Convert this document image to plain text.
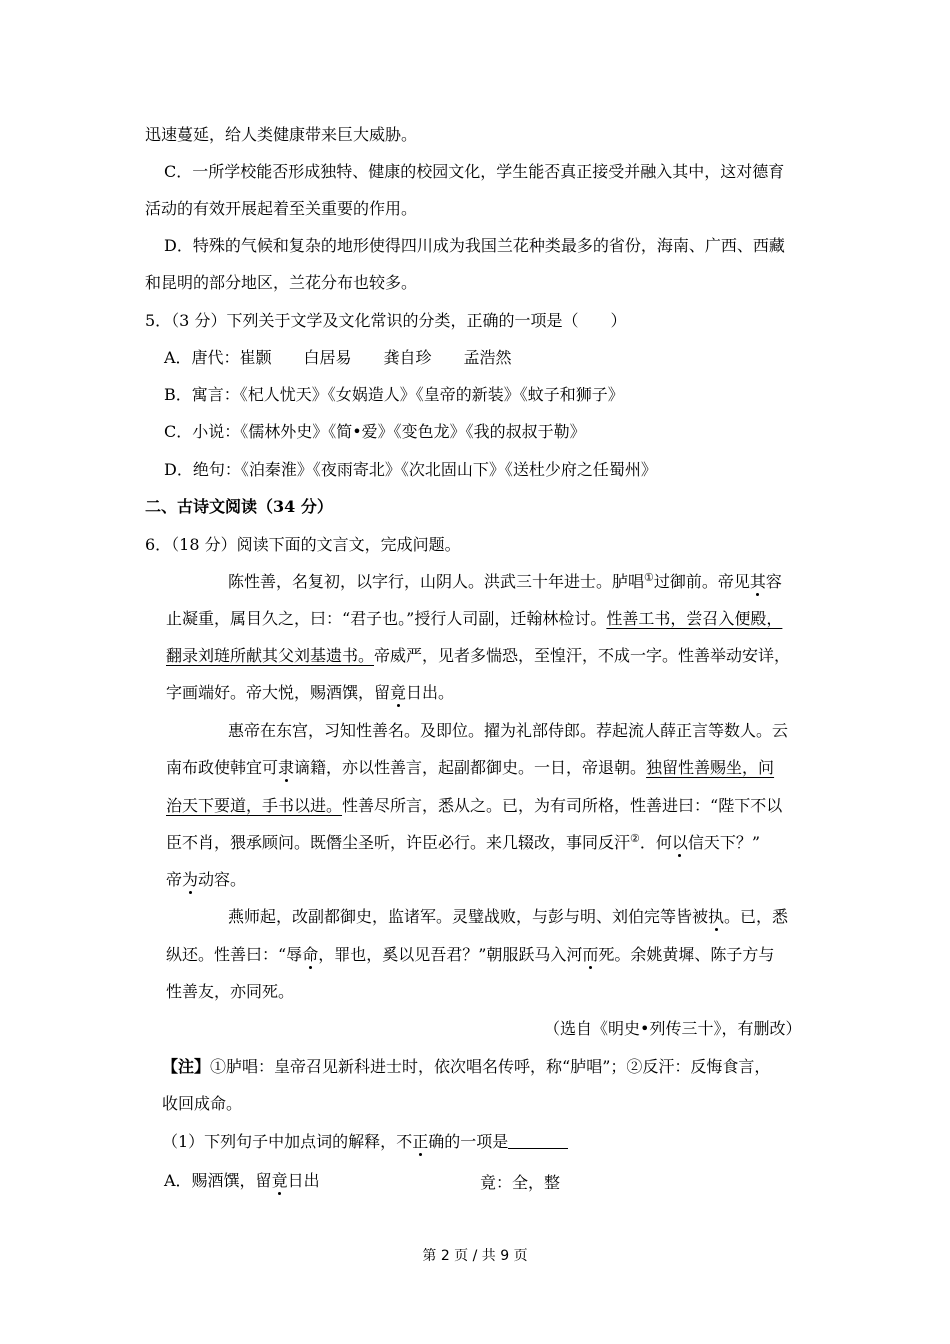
迅速蔓延，给人类健康带来巨大威胁。
C．一所学校能否形成独特、健康的校园文化，学生能否真正接受并融入其中，这对德育
活动的有效开展起着至关重要的作用。
D．特殊的气候和复杂的地形使得四川成为我国兰花种类最多的省份，海南、广西、西藏
和昆明的部分地区，兰花分布也较多。
5．（3 分）下列关于文学及文化常识的分类，正确的一项是（　　）
A．唐代：崔颢　　白居易　　龚自珍　　孟浩然
B．寓言：《杞人忧天》《女娲造人》《皇帝的新装》《蚊子和狮子》
C．小说：《儒林外史》《简•爱》《变色龙》《我的叔叔于勒》
D．绝句：《泊秦淮》《夜雨寄北》《次北固山下》《送杜少府之任蜀州》
二、古诗文阅读（34 分）
6．（18 分）阅读下面的文言文，完成问题。
陈性善，名复初，以字行，山阴人。洪武三十年进士。胪唱①过御前。帝见其容
止凝重，属目久之，曰：“君子也。”授行人司副，迁翰林检讨。性善工书，尝召入便殿，
翻录刘琏所献其父刘基遗书。帝威严，见者多惴恐，至惶汗，不成一字。性善举动安详，
字画端好。帝大悦，赐酒馔，留竟日出。
惠帝在东宫，习知性善名。及即位。擢为礼部侍郎。荐起流人薛正言等数人。云
南布政使韩宜可隶谪籍，亦以性善言，起副都御史。一日，帝退朝。独留性善赐坐，问
治天下要道，手书以进。性善尽所言，悉从之。已，为有司所格，性善进曰：“陛下不以
臣不肖，猥承顾问。既僭尘圣听，许臣必行。来几辍改，事同反汗②．何以信天下？”
帝为动容。
燕师起，改副都御史，监诸军。灵璧战败，与彭与明、刘伯完等皆被执。已，悉
纵还。性善曰：“辱命，罪也，奚以见吾君？”朝服跃马入河而死。余姚黄墀、陈子方与
性善友，亦同死。
（选自《明史•列传三十》，有删改）
【注】①胪唱：皇帝召见新科进士时，依次唱名传呼，称“胪唱”；②反汗：反悔食言，
收回成命。
（1）下列句子中加点词的解释，不正确的一项是
A．赐酒馔，留竟日出	竟：全，整
第 2 页 / 共 9 页
